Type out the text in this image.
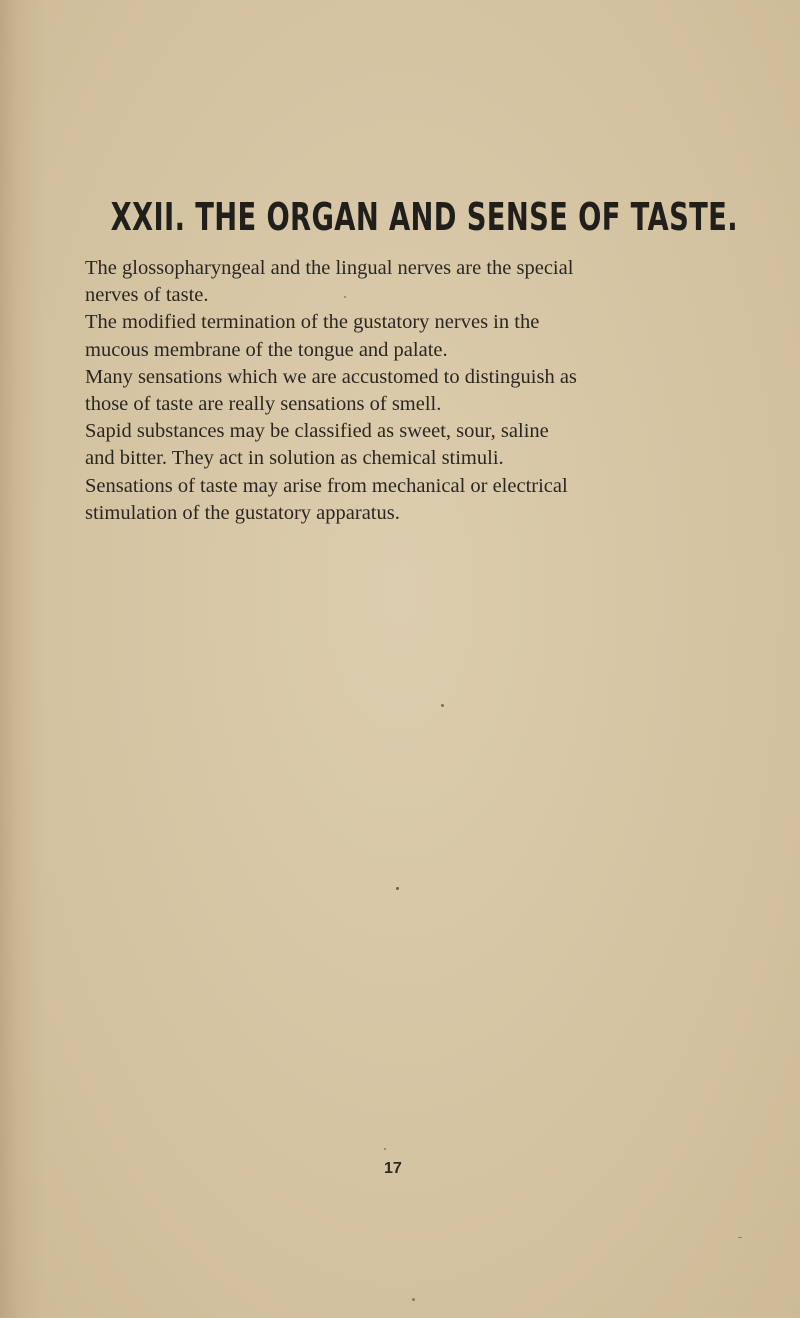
XXII. THE ORGAN AND SENSE OF TASTE.

The glossopharyngeal and the lingual nerves are the special
nerves of taste.

The modified termination of the gustatory nerves in the
mucous membrane of the tongue and palate.

Many sensations which we are accustomed to distinguish as
those of taste are really sensations of smell.

Sapid substances may be classified as sweet, sour, saline
and bitter. They act in solution as chemical stimuli.

Sensations of taste may arise from mechanical or electrical
stimulation of the gustatory apparatus.

17
